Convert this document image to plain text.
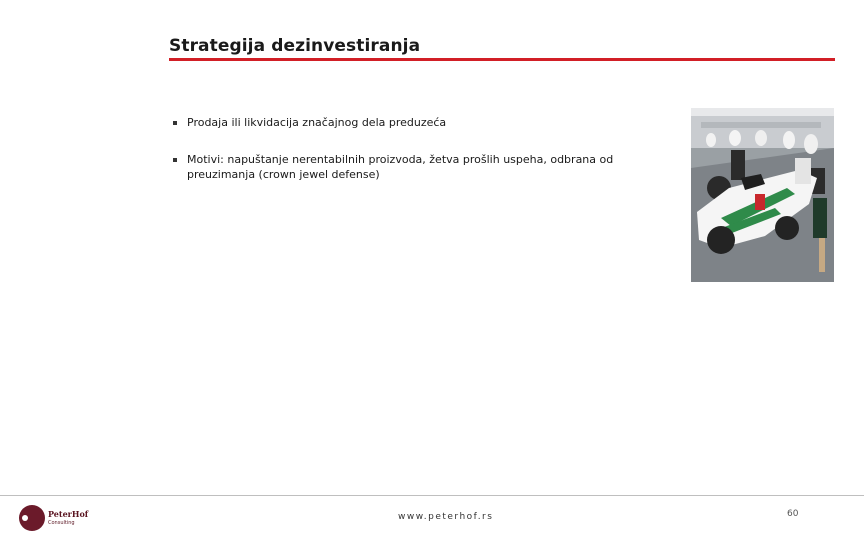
Strategija dezinvestiranja
Prodaja ili likvidacija značajnog dela preduzeća
Motivi: napuštanje nerentabilnih proizvoda, žetva prošlih uspeha, odbrana od preuzimanja (crown jewel defense)
PeterHof
Consulting
www.peterhof.rs	60
